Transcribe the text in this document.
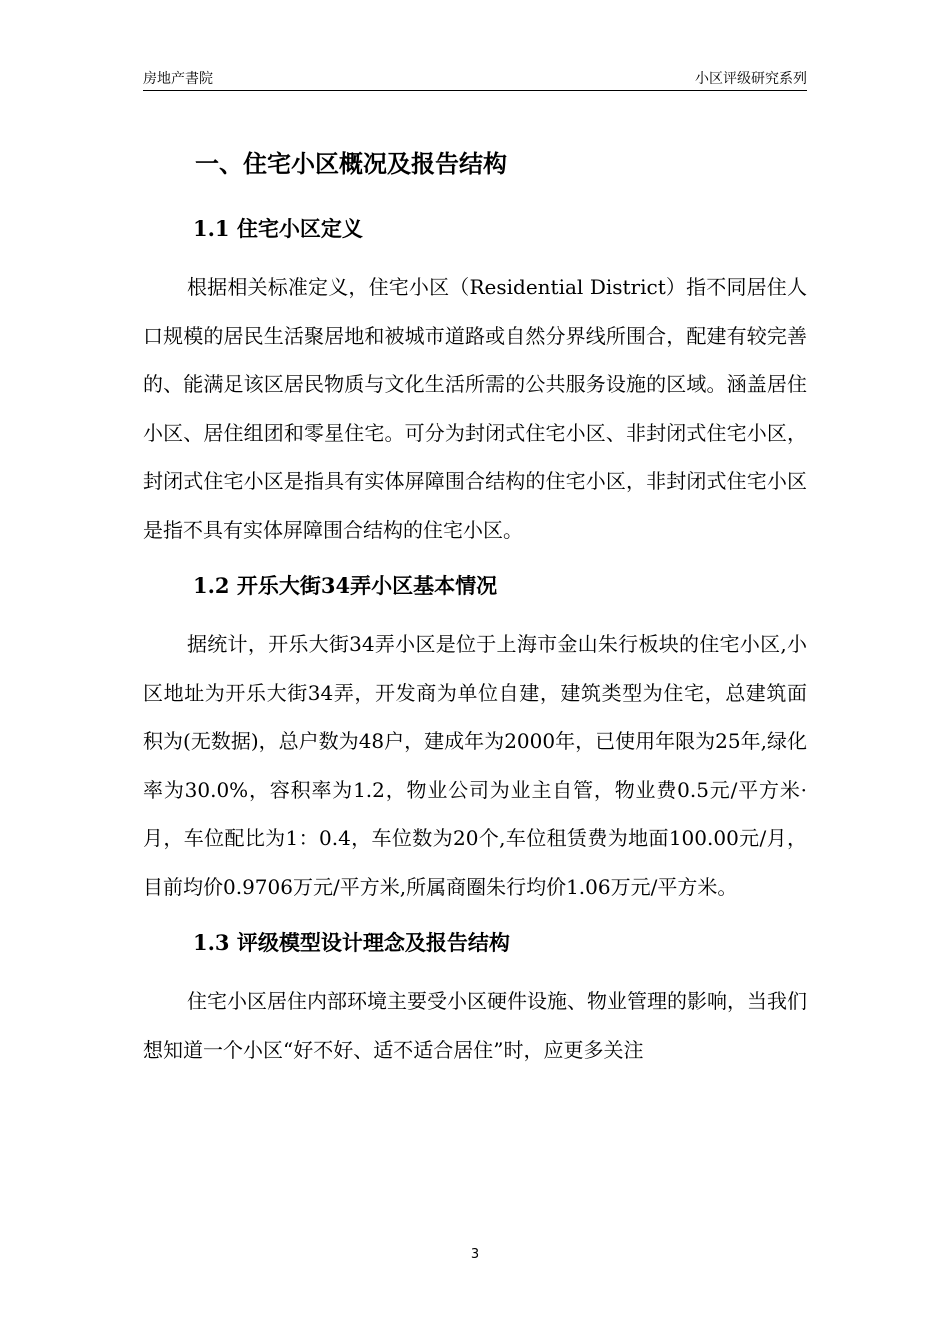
房地产書院	小区评级研究系列
一、住宅小区概况及报告结构
1.1 住宅小区定义

根据相关标准定义，住宅小区（Residential District）指不同居住人口规模的居民生活聚居地和被城市道路或自然分界线所围合，配建有较完善的、能满足该区居民物质与文化生活所需的公共服务设施的区域。涵盖居住小区、居住组团和零星住宅。可分为封闭式住宅小区、非封闭式住宅小区，封闭式住宅小区是指具有实体屏障围合结构的住宅小区，非封闭式住宅小区是指不具有实体屏障围合结构的住宅小区。

1.2 开乐大街34弄小区基本情况

据统计，开乐大街34弄小区是位于上海市金山朱行板块的住宅小区,小区地址为开乐大街34弄，开发商为单位自建，建筑类型为住宅，总建筑面积为(无数据)，总户数为48户，建成年为2000年，已使用年限为25年,绿化率为30.0%，容积率为1.2，物业公司为业主自管，物业费0.5元/平方米·月，车位配比为1：0.4，车位数为20个,车位租赁费为地面100.00元/月，目前均价0.9706万元/平方米,所属商圈朱行均价1.06万元/平方米。

1.3 评级模型设计理念及报告结构

住宅小区居住内部环境主要受小区硬件设施、物业管理的影响，当我们想知道一个小区“好不好、适不适合居住”时，应更多关注

3
